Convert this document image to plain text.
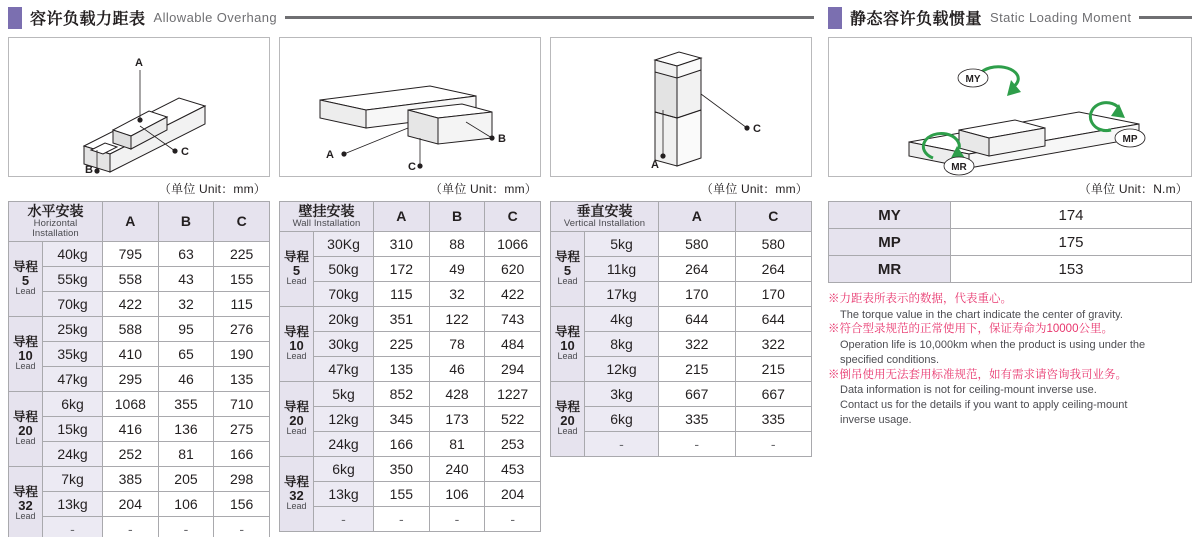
容许负载力距表 Allowable Overhang
A
C
B
（单位 Unit：mm）
水平安装
Horizontal Installation		A	B	C

导程
5
Lead	40kg	795	63	225
	55kg	558	43	155
	70kg	422	32	115

导程
10
Lead	25kg	588	95	276
	35kg	410	65	190
	47kg	295	46	135

导程
20
Lead	6kg	1068	355	710
	15kg	416	136	275
	24kg	252	81	166

导程
32
Lead	7kg	385	205	298
	13kg	204	106	156
	-	-	-	-
A
B
C
（单位 Unit：mm）
壁挂安装
Wall Installation		A	B	C

导程
5
Lead	30Kg	310	88	1066
	50kg	172	49	620
	70kg	115	32	422

导程
10
Lead	20kg	351	122	743
	30kg	225	78	484
	47kg	135	46	294

导程
20
Lead	5kg	852	428	1227
	12kg	345	173	522
	24kg	166	81	253

导程
32
Lead	6kg	350	240	453
	13kg	155	106	204
	-	-	-	-
C
A
（单位 Unit：mm）
垂直安装
Vertical Installation		A	C

导程
5
Lead	5kg	580	580
	11kg	264	264
	17kg	170	170

导程
10
Lead	4kg	644	644
	8kg	322	322
	12kg	215	215

导程
20
Lead	3kg	667	667
	6kg	335	335
	-	-	-
静态容许负载惯量 Static Loading Moment
MY
MP
MR
（单位 Unit：N.m）
MY	174
MP	175
MR	153
※力距表所表示的数据，代表重心。
The torque value in the chart indicate the center of gravity.
※符合型录规范的正常使用下，保证寿命为10000公里。
Operation life is 10,000km when the product is using under the
specified conditions.
※倒吊使用无法套用标准规范，如有需求请咨询我司业务。
Data information is not for ceiling-mount inverse use.
Contact us for the details if you want to apply ceiling-mount
inverse usage.
